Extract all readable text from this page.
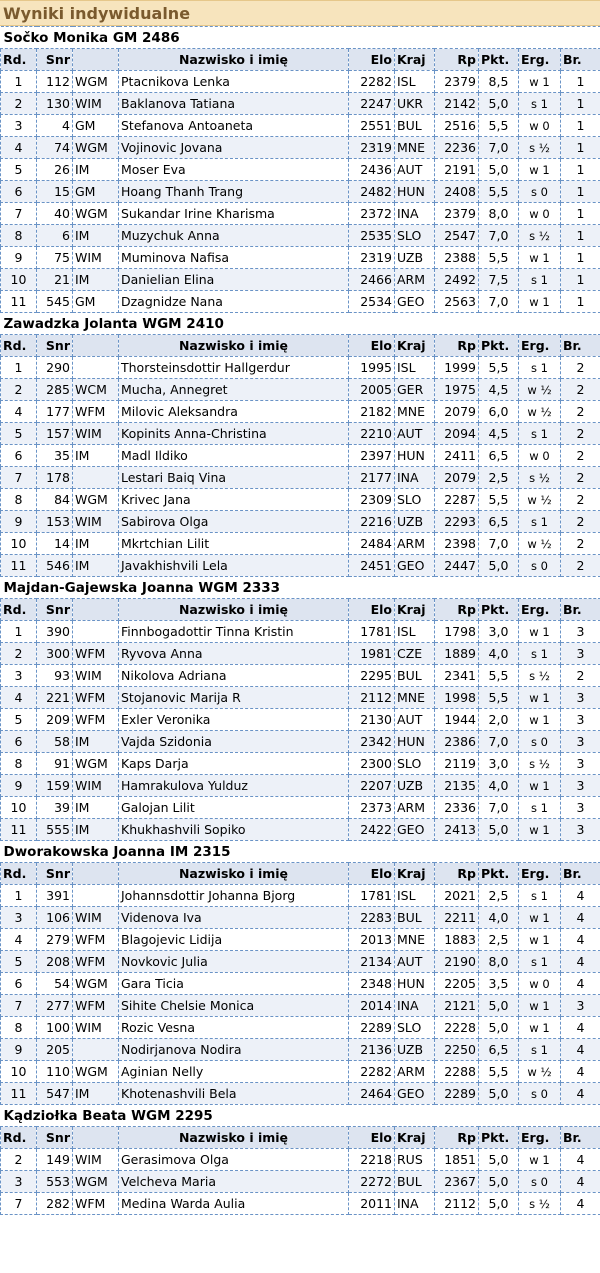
Wyniki indywidualne
Sočko Monika GM 2486									
Rd.	Snr		Nazwisko i imię	Elo	Kraj	Rp	Pkt.	Erg.	Br.
1	112	WGM	Ptacnikova Lenka	2282	ISL	2379	8,5	w 1	1
2	130	WIM	Baklanova Tatiana	2247	UKR	2142	5,0	s 1	1
3	4	GM	Stefanova Antoaneta	2551	BUL	2516	5,5	w 0	1
4	74	WGM	Vojinovic Jovana	2319	MNE	2236	7,0	s ½	1
5	26	IM	Moser Eva	2436	AUT	2191	5,0	w 1	1
6	15	GM	Hoang Thanh Trang	2482	HUN	2408	5,5	s 0	1
7	40	WGM	Sukandar Irine Kharisma	2372	INA	2379	8,0	w 0	1
8	6	IM	Muzychuk Anna	2535	SLO	2547	7,0	s ½	1
9	75	WIM	Muminova Nafisa	2319	UZB	2388	5,5	w 1	1
10	21	IM	Danielian Elina	2466	ARM	2492	7,5	s 1	1
11	545	GM	Dzagnidze Nana	2534	GEO	2563	7,0	w 1	1
Zawadzka Jolanta WGM 2410									
Rd.	Snr		Nazwisko i imię	Elo	Kraj	Rp	Pkt.	Erg.	Br.
1	290		Thorsteinsdottir Hallgerdur	1995	ISL	1999	5,5	s 1	2
2	285	WCM	Mucha, Annegret	2005	GER	1975	4,5	w ½	2
4	177	WFM	Milovic Aleksandra	2182	MNE	2079	6,0	w ½	2
5	157	WIM	Kopinits Anna-Christina	2210	AUT	2094	4,5	s 1	2
6	35	IM	Madl Ildiko	2397	HUN	2411	6,5	w 0	2
7	178		Lestari Baiq Vina	2177	INA	2079	2,5	s ½	2
8	84	WGM	Krivec Jana	2309	SLO	2287	5,5	w ½	2
9	153	WIM	Sabirova Olga	2216	UZB	2293	6,5	s 1	2
10	14	IM	Mkrtchian Lilit	2484	ARM	2398	7,0	w ½	2
11	546	IM	Javakhishvili Lela	2451	GEO	2447	5,0	s 0	2
Majdan-Gajewska Joanna WGM 2333									
Rd.	Snr		Nazwisko i imię	Elo	Kraj	Rp	Pkt.	Erg.	Br.
1	390		Finnbogadottir Tinna Kristin	1781	ISL	1798	3,0	w 1	3
2	300	WFM	Ryvova Anna	1981	CZE	1889	4,0	s 1	3
3	93	WIM	Nikolova Adriana	2295	BUL	2341	5,5	s ½	2
4	221	WFM	Stojanovic Marija R	2112	MNE	1998	5,5	w 1	3
5	209	WFM	Exler Veronika	2130	AUT	1944	2,0	w 1	3
6	58	IM	Vajda Szidonia	2342	HUN	2386	7,0	s 0	3
8	91	WGM	Kaps Darja	2300	SLO	2119	3,0	s ½	3
9	159	WIM	Hamrakulova Yulduz	2207	UZB	2135	4,0	w 1	3
10	39	IM	Galojan Lilit	2373	ARM	2336	7,0	s 1	3
11	555	IM	Khukhashvili Sopiko	2422	GEO	2413	5,0	w 1	3
Dworakowska Joanna IM 2315									
Rd.	Snr		Nazwisko i imię	Elo	Kraj	Rp	Pkt.	Erg.	Br.
1	391		Johannsdottir Johanna Bjorg	1781	ISL	2021	2,5	s 1	4
3	106	WIM	Videnova Iva	2283	BUL	2211	4,0	w 1	4
4	279	WFM	Blagojevic Lidija	2013	MNE	1883	2,5	w 1	4
5	208	WFM	Novkovic Julia	2134	AUT	2190	8,0	s 1	4
6	54	WGM	Gara Ticia	2348	HUN	2205	3,5	w 0	4
7	277	WFM	Sihite Chelsie Monica	2014	INA	2121	5,0	w 1	3
8	100	WIM	Rozic Vesna	2289	SLO	2228	5,0	w 1	4
9	205		Nodirjanova Nodira	2136	UZB	2250	6,5	s 1	4
10	110	WGM	Aginian Nelly	2282	ARM	2288	5,5	w ½	4
11	547	IM	Khotenashvili Bela	2464	GEO	2289	5,0	s 0	4
Kądziołka Beata WGM 2295									
Rd.	Snr		Nazwisko i imię	Elo	Kraj	Rp	Pkt.	Erg.	Br.
2	149	WIM	Gerasimova Olga	2218	RUS	1851	5,0	w 1	4
3	553	WGM	Velcheva Maria	2272	BUL	2367	5,0	s 0	4
7	282	WFM	Medina Warda Aulia	2011	INA	2112	5,0	s ½	4
